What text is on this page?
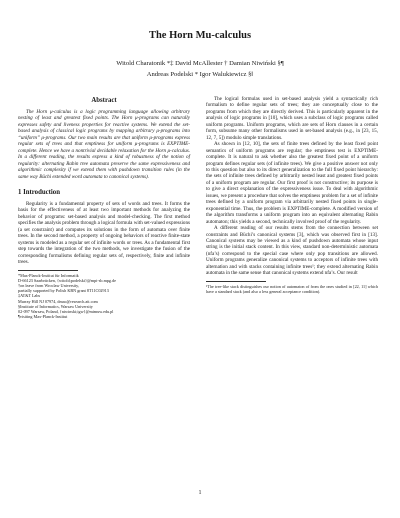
The Horn Mu-calculus
Witold Charatonik *‡ David McAllester † Damian Niwiński §¶
Andreas Podelski * Igor Walukiewicz §‖
Abstract

The Horn μ-calculus is a logic programming language allowing arbitrary nesting of least and greatest fixed points. The Horn μ-programs can naturally expresses safety and liveness properties for reactive systems. We extend the set-based analysis of classical logic programs by mapping arbitrary μ-programs into “uniform” μ-programs. Our two main results are that uniform μ-programs express regular sets of trees and that emptiness for uniform μ-programs is EXPTIME-complete. Hence we have a nontrivial decidable relaxation for the Horn μ-calculus. In a different reading, the results express a kind of robustness of the notion of regularity: alternating Rabin tree automata preserve the same expressiveness and algorithmic complexity if we extend them with pushdown transition rules (in the same way Büchi extended word automata to canonical systems).

1 Introduction

Regularity is a fundamental property of sets of words and trees. It forms the basis for the effectiveness of at least two important methods for analyzing the behavior of programs: set-based analysis and model-checking. The first method specifies the analysis problem through a logical formula with set-valued expressions (a set constraint) and computes its solutions in the form of automata over finite trees. In the second method, a property of ongoing behaviors of reactive finite-state systems is modeled as a regular set of infinite words or trees. As a fundamental first step towards the integration of the two methods, we investigate the fusion of the corresponding formalisms defining regular sets of, respectively, finite and infinite trees.

*Max-Planck-Institut für Informatik

D-66123 Saarbrücken, {witold;podelski}@mpi-sb.mpg.de

†on leave from Wroclaw University,

partially supported by Polish KBN grant 8T11C02913

‡AT&T Labs

Murray Hill NJ 07974, dmac@research.att.com

§Institute of Informatics, Warsaw University

02-097 Warsaw, Poland, {niwinski;igw}@mimuw.edu.pl

¶visiting Max-Planck-Institut

The logical formulas used in set-based analysis yield a syntactically rich formalism to define regular sets of trees; they are conceptually close to the programs from which they are directly derived. This is particularly apparent in the analysis of logic programs in [10], which uses a subclass of logic programs called uniform programs. Uniform programs, which are sets of Horn clauses in a certain form, subsume many other formalisms used in set-based analysis (e.g., in [23, 15, 12, 7, 5]) modulo simple translations.

As shown in [12, 10], the sets of finite trees defined by the least fixed point semantics of uniform programs are regular; the emptiness test is EXPTIME-complete. It is natural to ask whether also the greatest fixed point of a uniform program defines regular sets (of infinite trees). We give a positive answer not only to this question but also to its direct generalization to the full fixed point hierarchy: the sets of infinite trees defined by arbitrarily nested least and greatest fixed points of a uniform program are regular. Our first proof is not constructive; its purpose is to give a direct explanation of the expressiveness issue. To deal with algorithmic issues, we present a procedure that solves the emptiness problem for a set of infinite trees defined by a uniform program via arbitrarily nested fixed points in single-exponential time. Thus, the problem is EXPTIME-complete. A modified version of the algorithm transforms a uniform program into an equivalent alternating Rabin automaton; this yields a second, technically involved proof of the regularity.

A different reading of our results stems from the connection between set constraints and Büchi’s canonical systems [3], which was observed first in [13]. Canonical systems may be viewed as a kind of pushdown automata whose input string is the initial stack content. In this view, standard non-deterministic automata (nfa’s) correspond to the special case where only pop transitions are allowed. Uniform programs generalize canonical systems to acceptors of infinite trees with alternation and with stacks containing infinite trees¹; they extend alternating Rabin automata in the same sense that canonical systems extend nfa’s. Our result

¹The tree-like stack distinguishes our notion of automaton of from the ones studied in [22, 11] which have a standard stack (and also a less general acceptance condition).

1
